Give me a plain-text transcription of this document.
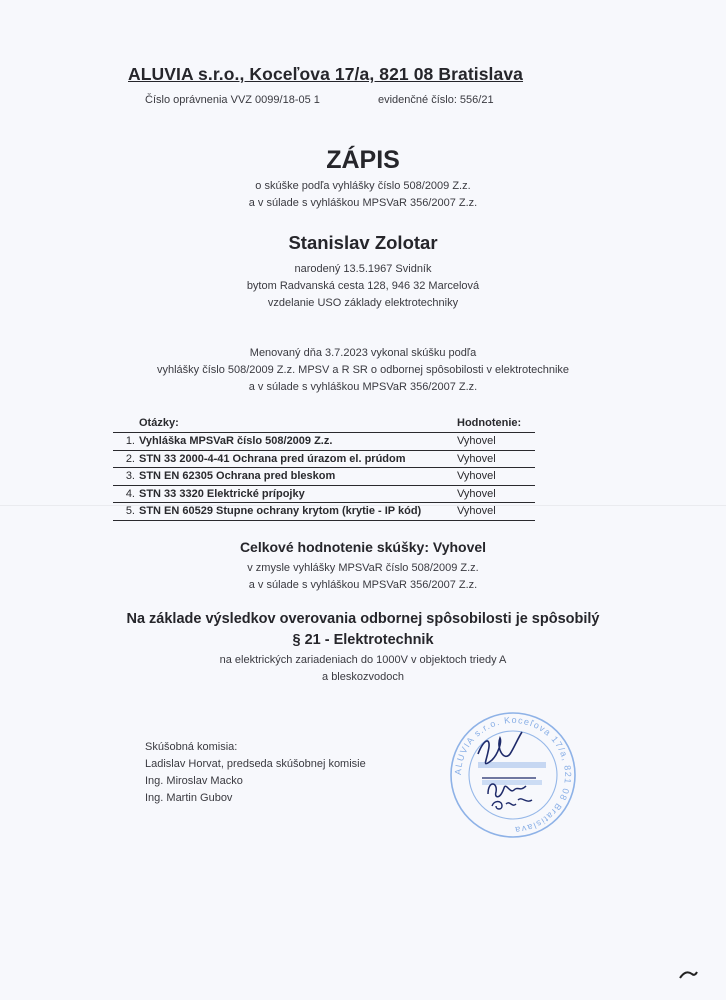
ALUVIA s.r.o., Koceľova 17/a, 821 08 Bratislava
Číslo oprávnenia VVZ 0099/18-05 1	evidenčné číslo: 556/21
ZÁPIS
o skúške podľa vyhlášky číslo 508/2009 Z.z.
a v súlade s vyhláškou MPSVaR 356/2007 Z.z.
Stanislav Zolotar
narodený 13.5.1967 Svidník
bytom Radvanská cesta 128, 946 32 Marcelová
vzdelanie USO základy elektrotechniky
Menovaný dňa 3.7.2023 vykonal skúšku podľa
vyhlášky číslo 508/2009 Z.z. MPSV a R SR o odbornej spôsobilosti v elektrotechnike
a v súlade s vyhláškou MPSVaR 356/2007 Z.z.
	Otázky:	Hodnotenie:
1.	Vyhláška MPSVaR číslo 508/2009 Z.z.	Vyhovel
2.	STN 33 2000-4-41 Ochrana pred úrazom el. prúdom	Vyhovel
3.	STN EN 62305 Ochrana pred bleskom	Vyhovel
4.	STN 33 3320 Elektrické prípojky	Vyhovel
5.	STN EN 60529 Stupne ochrany krytom (krytie - IP kód)	Vyhovel
Celkové hodnotenie skúšky: Vyhovel
v zmysle vyhlášky MPSVaR číslo 508/2009 Z.z.
a v súlade s vyhláškou MPSVaR 356/2007 Z.z.
Na základe výsledkov overovania odbornej spôsobilosti je spôsobilý
§ 21 - Elektrotechnik
na elektrických zariadeniach do 1000V v objektoch triedy A
a bleskozvodoch
Skúšobná komisia:
Ladislav Horvat, predseda skúšobnej komisie
Ing. Miroslav Macko
Ing. Martin Gubov
ALUVIA s.r.o. Koceľova 17/a, 821 08 Bratislava
